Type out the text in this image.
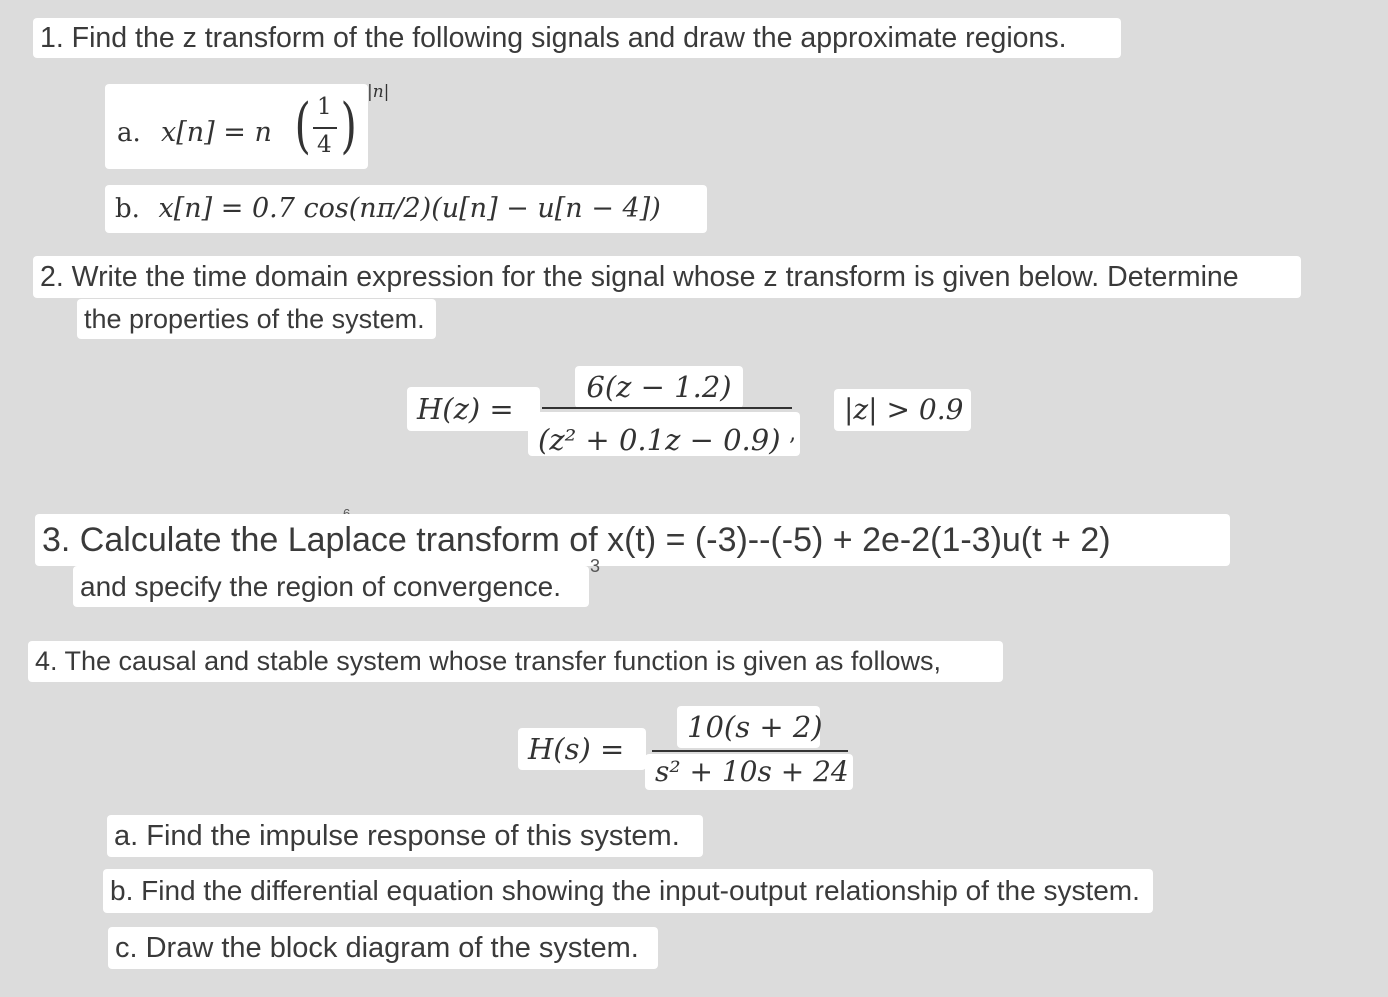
1. Find the z transform of the following signals and draw the approximate regions.
a. x[n] = n ( 1
4 ) |n|
b. x[n] = 0.7 cos(nπ/2)(u[n] − u[n − 4])
2. Write the time domain expression for the signal whose z transform is given below. Determine
the properties of the system.
H(z) =
6(z − 1.2)
(z² + 0.1z − 0.9) ,
|z| > 0.9
3. Calculate the Laplace transform of x(t) = (-3)--(-5) + 2e-2(1-3)u(t + 2)
3
and specify the region of convergence.
4. The causal and stable system whose transfer function is given as follows,
H(s) =
10(s + 2)
s² + 10s + 24
a. Find the impulse response of this system.
b. Find the differential equation showing the input-output relationship of the system.
c. Draw the block diagram of the system.
